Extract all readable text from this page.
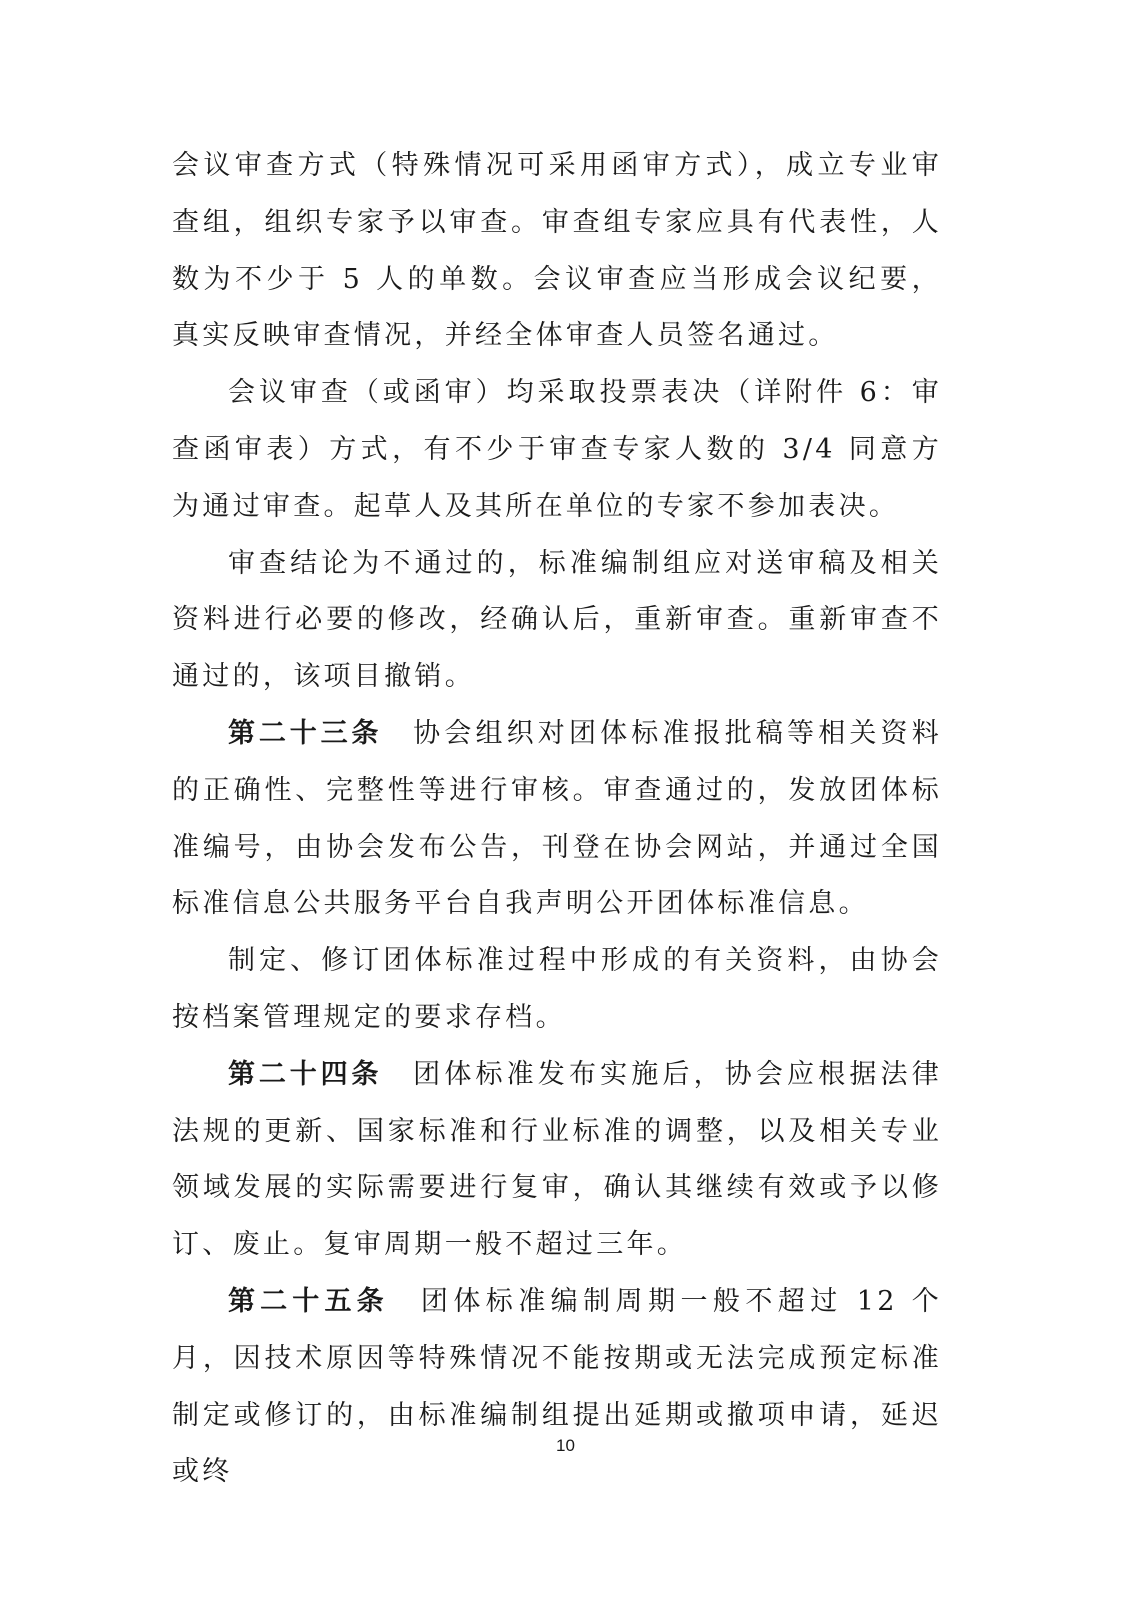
会议审查方式（特殊情况可采用函审方式），成立专业审查组，组织专家予以审查。审查组专家应具有代表性，人数为不少于 5 人的单数。会议审查应当形成会议纪要，真实反映审查情况，并经全体审查人员签名通过。

会议审查（或函审）均采取投票表决（详附件 6：审查函审表）方式，有不少于审查专家人数的 3/4 同意方为通过审查。起草人及其所在单位的专家不参加表决。

审查结论为不通过的，标准编制组应对送审稿及相关资料进行必要的修改，经确认后，重新审查。重新审查不通过的，该项目撤销。

第二十三条 协会组织对团体标准报批稿等相关资料的正确性、完整性等进行审核。审查通过的，发放团体标准编号，由协会发布公告，刊登在协会网站，并通过全国标准信息公共服务平台自我声明公开团体标准信息。

制定、修订团体标准过程中形成的有关资料，由协会按档案管理规定的要求存档。

第二十四条 团体标准发布实施后，协会应根据法律法规的更新、国家标准和行业标准的调整，以及相关专业领域发展的实际需要进行复审，确认其继续有效或予以修订、废止。复审周期一般不超过三年。

第二十五条 团体标准编制周期一般不超过 12 个月，因技术原因等特殊情况不能按期或无法完成预定标准制定或修订的，由标准编制组提出延期或撤项申请，延迟或终

10
